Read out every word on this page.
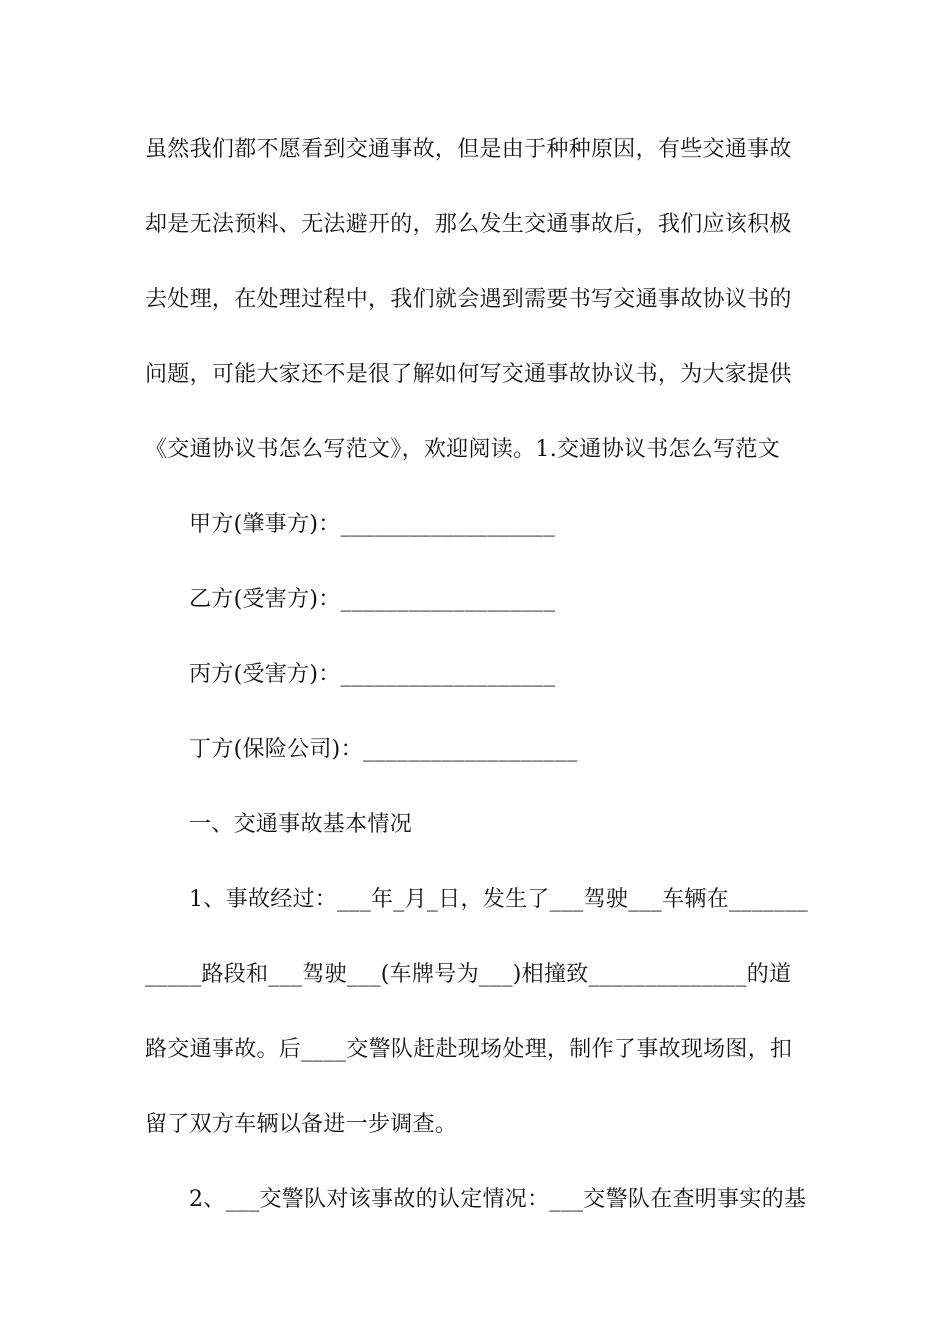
虽然我们都不愿看到交通事故，但是由于种种原因，有些交通事故
却是无法预料、无法避开的，那么发生交通事故后，我们应该积极
去处理，在处理过程中，我们就会遇到需要书写交通事故协议书的
问题，可能大家还不是很了解如何写交通事故协议书，为大家提供
《交通协议书怎么写范文》，欢迎阅读。1.交通协议书怎么写范文
甲方(肇事方)：___________________
乙方(受害方)：___________________
丙方(受害方)：___________________
丁方(保险公司)：___________________
一、交通事故基本情况
1、事故经过：___年_月_日，发生了___驾驶___车辆在_______
_____路段和___驾驶___(车牌号为___)相撞致______________的道
路交通事故。后____交警队赶赴现场处理，制作了事故现场图，扣
留了双方车辆以备进一步调查。
2、___交警队对该事故的认定情况：___交警队在查明事实的基
